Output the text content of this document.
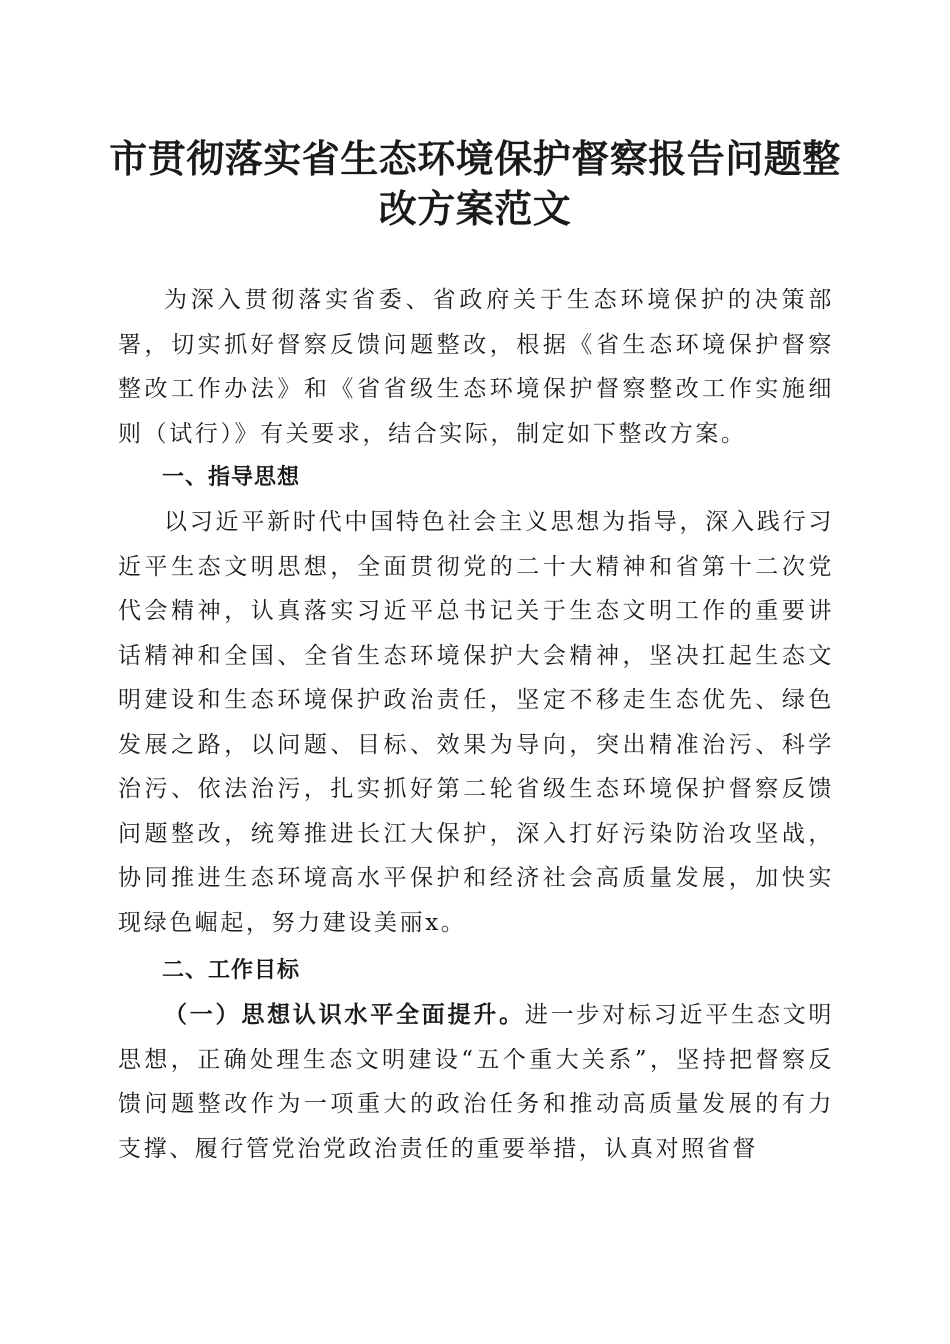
市贯彻落实省生态环境保护督察报告问题整改方案范文

为深入贯彻落实省委、省政府关于生态环境保护的决策部署，切实抓好督察反馈问题整改，根据《省生态环境保护督察整改工作办法》和《省省级生态环境保护督察整改工作实施细则（试行）》有关要求，结合实际，制定如下整改方案。

一、指导思想

以习近平新时代中国特色社会主义思想为指导，深入践行习近平生态文明思想，全面贯彻党的二十大精神和省第十二次党代会精神，认真落实习近平总书记关于生态文明工作的重要讲话精神和全国、全省生态环境保护大会精神，坚决扛起生态文明建设和生态环境保护政治责任，坚定不移走生态优先、绿色发展之路，以问题、目标、效果为导向，突出精准治污、科学治污、依法治污，扎实抓好第二轮省级生态环境保护督察反馈问题整改，统筹推进长江大保护，深入打好污染防治攻坚战，协同推进生态环境高水平保护和经济社会高质量发展，加快实现绿色崛起，努力建设美丽x。

二、工作目标

（一）思想认识水平全面提升。进一步对标习近平生态文明思想，正确处理生态文明建设“五个重大关系”，坚持把督察反馈问题整改作为一项重大的政治任务和推动高质量发展的有力支撑、履行管党治党政治责任的重要举措，认真对照省督
